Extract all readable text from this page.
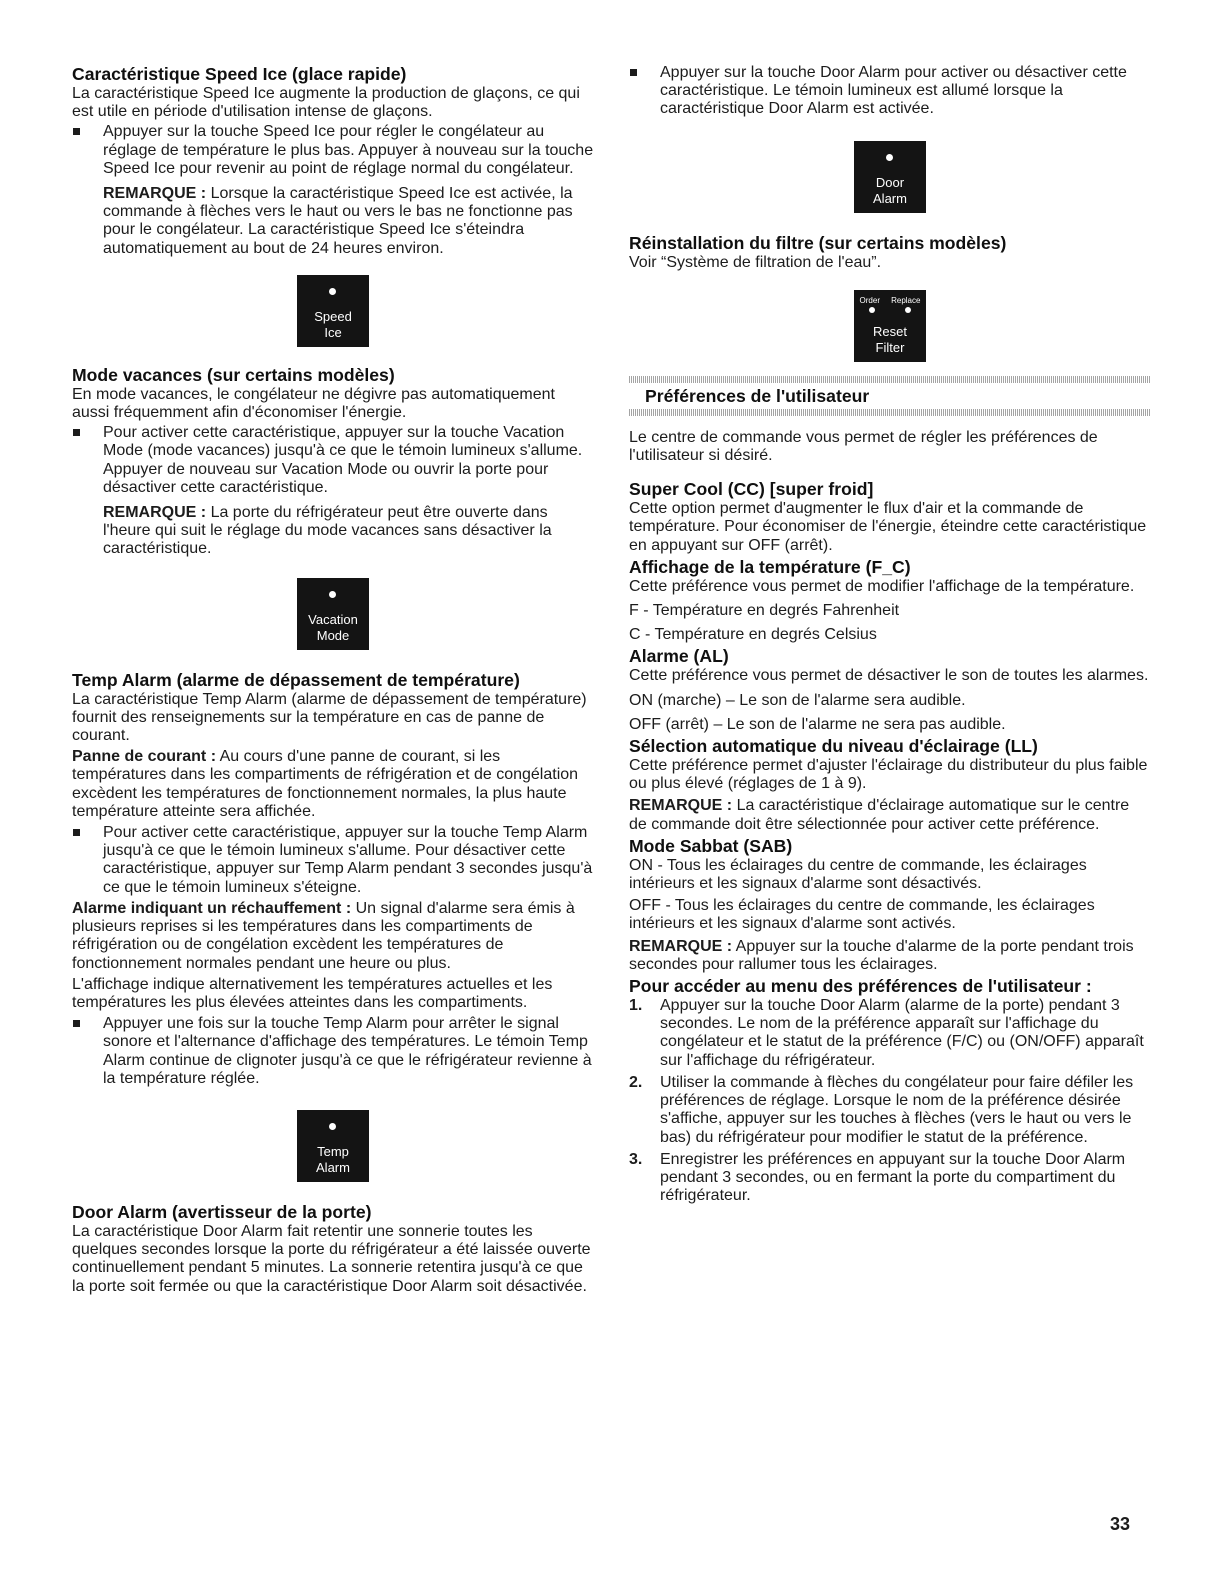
Caractéristique Speed Ice (glace rapide)

La caractéristique Speed Ice augmente la production de glaçons, ce qui est utile en période d'utilisation intense de glaçons.

Appuyer sur la touche Speed Ice pour régler le congélateur au réglage de température le plus bas. Appuyer à nouveau sur la touche Speed Ice pour revenir au point de réglage normal du congélateur.

REMARQUE : Lorsque la caractéristique Speed Ice est activée, la commande à flèches vers le haut ou vers le bas ne fonctionne pas pour le congélateur. La caractéristique Speed Ice s'éteindra automatiquement au bout de 24 heures environ.

Speed
Ice
Mode vacances (sur certains modèles)

En mode vacances, le congélateur ne dégivre pas automatiquement aussi fréquemment afin d'économiser l'énergie.

Pour activer cette caractéristique, appuyer sur la touche Vacation Mode (mode vacances) jusqu'à ce que le témoin lumineux s'allume. Appuyer de nouveau sur Vacation Mode ou ouvrir la porte pour désactiver cette caractéristique.

REMARQUE : La porte du réfrigérateur peut être ouverte dans l'heure qui suit le réglage du mode vacances sans désactiver la caractéristique.

Vacation
Mode
Temp Alarm (alarme de dépassement de température)

La caractéristique Temp Alarm (alarme de dépassement de température) fournit des renseignements sur la température en cas de panne de courant.

Panne de courant : Au cours d'une panne de courant, si les températures dans les compartiments de réfrigération et de congélation excèdent les températures de fonctionnement normales, la plus haute température atteinte sera affichée.

Pour activer cette caractéristique, appuyer sur la touche Temp Alarm jusqu'à ce que le témoin lumineux s'allume. Pour désactiver cette caractéristique, appuyer sur Temp Alarm pendant 3 secondes jusqu'à ce que le témoin lumineux s'éteigne.

Alarme indiquant un réchauffement : Un signal d'alarme sera émis à plusieurs reprises si les températures dans les compartiments de réfrigération ou de congélation excèdent les températures de fonctionnement normales pendant une heure ou plus.

L'affichage indique alternativement les températures actuelles et les températures les plus élevées atteintes dans les compartiments.

Appuyer une fois sur la touche Temp Alarm pour arrêter le signal sonore et l'alternance d'affichage des températures. Le témoin Temp Alarm continue de clignoter jusqu'à ce que le réfrigérateur revienne à la température réglée.

Temp
Alarm
Door Alarm (avertisseur de la porte)

La caractéristique Door Alarm fait retentir une sonnerie toutes les quelques secondes lorsque la porte du réfrigérateur a été laissée ouverte continuellement pendant 5 minutes. La sonnerie retentira jusqu'à ce que la porte soit fermée ou que la caractéristique Door Alarm soit désactivée.

Appuyer sur la touche Door Alarm pour activer ou désactiver cette caractéristique. Le témoin lumineux est allumé lorsque la caractéristique Door Alarm est activée.

Door
Alarm
Réinstallation du filtre (sur certains modèles)

Voir “Système de filtration de l'eau”.

Order Replace
Reset
Filter
Préférences de l'utilisateur

Le centre de commande vous permet de régler les préférences de l'utilisateur si désiré.

Super Cool (CC) [super froid]

Cette option permet d'augmenter le flux d'air et la commande de température. Pour économiser de l'énergie, éteindre cette caractéristique en appuyant sur OFF (arrêt).

Affichage de la température (F_C)

Cette préférence vous permet de modifier l'affichage de la température.

F - Température en degrés Fahrenheit

C - Température en degrés Celsius

Alarme (AL)

Cette préférence vous permet de désactiver le son de toutes les alarmes.

ON (marche) – Le son de l'alarme sera audible.

OFF (arrêt) – Le son de l'alarme ne sera pas audible.

Sélection automatique du niveau d'éclairage (LL)

Cette préférence permet d'ajuster l'éclairage du distributeur du plus faible ou plus élevé (réglages de 1 à 9).

REMARQUE : La caractéristique d'éclairage automatique sur le centre de commande doit être sélectionnée pour activer cette préférence.

Mode Sabbat (SAB)

ON - Tous les éclairages du centre de commande, les éclairages intérieurs et les signaux d'alarme sont désactivés.

OFF - Tous les éclairages du centre de commande, les éclairages intérieurs et les signaux d'alarme sont activés.

REMARQUE : Appuyer sur la touche d'alarme de la porte pendant trois secondes pour rallumer tous les éclairages.

Pour accéder au menu des préférences de l'utilisateur :

1. Appuyer sur la touche Door Alarm (alarme de la porte) pendant 3 secondes. Le nom de la préférence apparaît sur l'affichage du congélateur et le statut de la préférence (F/C) ou (ON/OFF) apparaît sur l'affichage du réfrigérateur.

2. Utiliser la commande à flèches du congélateur pour faire défiler les préférences de réglage. Lorsque le nom de la préférence désirée s'affiche, appuyer sur les touches à flèches (vers le haut ou vers le bas) du réfrigérateur pour modifier le statut de la préférence.

3. Enregistrer les préférences en appuyant sur la touche Door Alarm pendant 3 secondes, ou en fermant la porte du compartiment du réfrigérateur.

33
